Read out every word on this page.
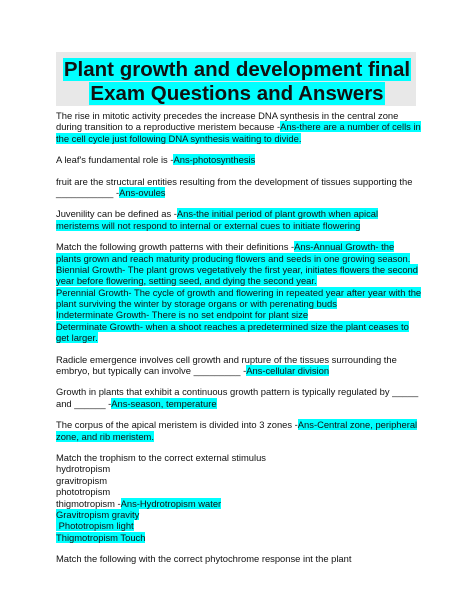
Plant growth and development final
Exam Questions and Answers
The rise in mitotic activity precedes the increase DNA synthesis in the central zone
during transition to a reproductive meristem because -Ans-there are a number of cells in
the cell cycle just following DNA synthesis waiting to divide.
A leaf's fundamental role is -Ans-photosynthesis
fruit are the structural entities resulting from the development of tissues supporting the
___________ -Ans-ovules
Juvenility can be defined as -Ans-the initial period of plant growth when apical
meristems will not respond to internal or external cues to initiate flowering
Match the following growth patterns with their definitions -Ans-Annual Growth- the
plants grown and reach maturity producing flowers and seeds in one growing season.
Biennial Growth- The plant grows vegetatively the first year, initiates flowers the second
year before flowering, setting seed, and dying the second year.
Perennial Growth- The cycle of growth and flowering in repeated year after year with the
plant surviving the winter by storage organs or with perenating buds
Indeterminate Growth- There is no set endpoint for plant size
Determinate Growth- when a shoot reaches a predetermined size the plant ceases to
get larger.
Radicle emergence involves cell growth and rupture of the tissues surrounding the
embryo, but typically can involve _________ -Ans-cellular division
Growth in plants that exhibit a continuous growth pattern is typically regulated by _____
and ______ -Ans-season, temperature
The corpus of the apical meristem is divided into 3 zones -Ans-Central zone, peripheral
zone, and rib meristem.
Match the trophism to the correct external stimulus
hydrotropism
gravitropism
phototropism
thigmotropism -Ans-Hydrotropism water
Gravitropism gravity
Phototropism light
Thigmotropism Touch
Match the following with the correct phytochrome response int the plant
